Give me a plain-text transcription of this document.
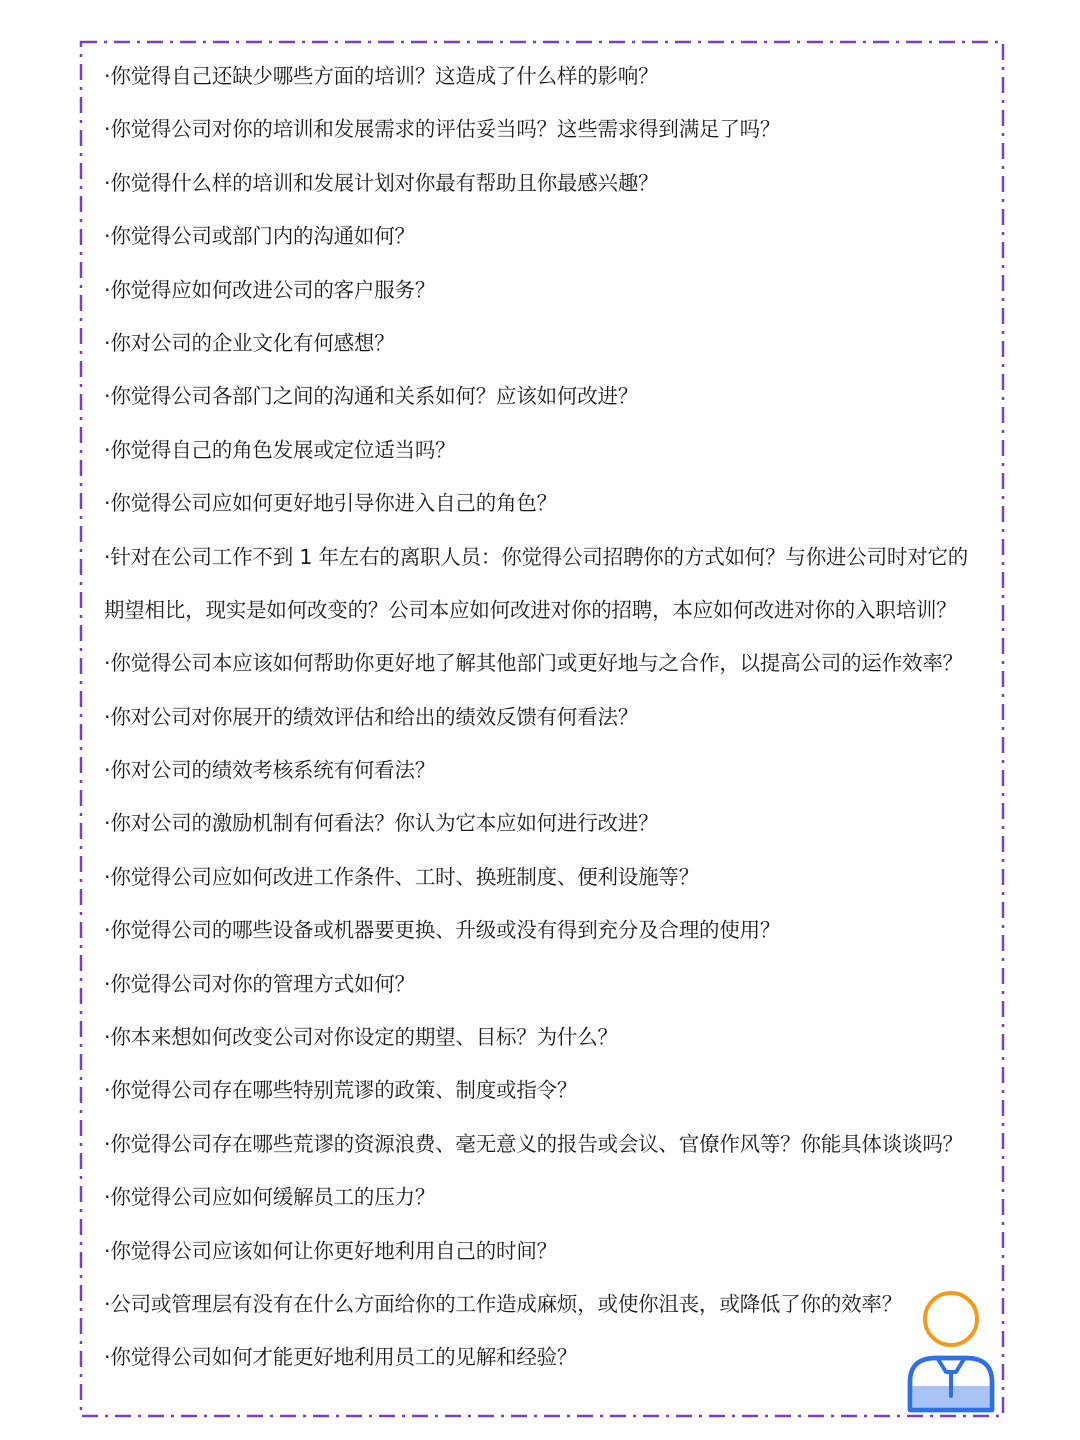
·你觉得自己还缺少哪些方面的培训？这造成了什么样的影响？
·你觉得公司对你的培训和发展需求的评估妥当吗？这些需求得到满足了吗？
·你觉得什么样的培训和发展计划对你最有帮助且你最感兴趣？
·你觉得公司或部门内的沟通如何？
·你觉得应如何改进公司的客户服务？
·你对公司的企业文化有何感想？
·你觉得公司各部门之间的沟通和关系如何？应该如何改进？
·你觉得自己的角色发展或定位适当吗？
·你觉得公司应如何更好地引导你进入自己的角色？
·针对在公司工作不到 1 年左右的离职人员：你觉得公司招聘你的方式如何？与你进公司时对它的
期望相比，现实是如何改变的？公司本应如何改进对你的招聘，本应如何改进对你的入职培训？
·你觉得公司本应该如何帮助你更好地了解其他部门或更好地与之合作，以提高公司的运作效率？
·你对公司对你展开的绩效评估和给出的绩效反馈有何看法？
·你对公司的绩效考核系统有何看法？
·你对公司的激励机制有何看法？你认为它本应如何进行改进？
·你觉得公司应如何改进工作条件、工时、换班制度、便利设施等？
·你觉得公司的哪些设备或机器要更换、升级或没有得到充分及合理的使用？
·你觉得公司对你的管理方式如何？
·你本来想如何改变公司对你设定的期望、目标？为什么？
·你觉得公司存在哪些特别荒谬的政策、制度或指令？
·你觉得公司存在哪些荒谬的资源浪费、毫无意义的报告或会议、官僚作风等？你能具体谈谈吗？
·你觉得公司应如何缓解员工的压力？
·你觉得公司应该如何让你更好地利用自己的时间？
·公司或管理层有没有在什么方面给你的工作造成麻烦，或使你沮丧，或降低了你的效率？
·你觉得公司如何才能更好地利用员工的见解和经验？
